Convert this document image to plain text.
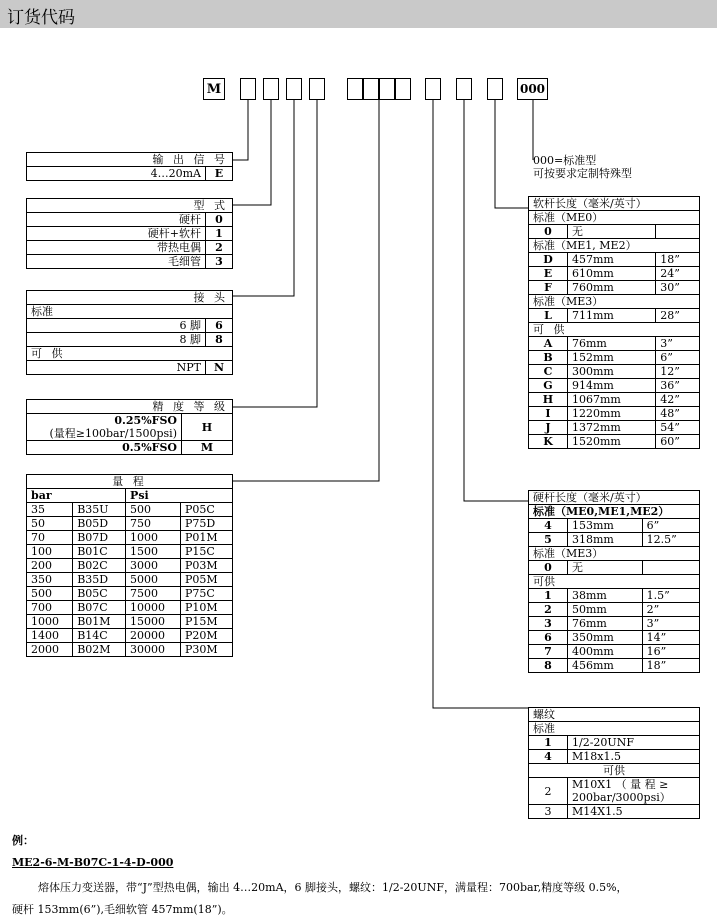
订货代码
M	000
000=标准型
可按要求定制特殊型
输 出 信 号
4…20mA	E
型 式	
硬杆	0
硬杆+软杆	1
带热电偶	2
毛细管	3
接 头	
标准	
6 脚	6
8 脚	8
可 供	
NPT	N
精 度 等 级	

0.25%FSO
(量程≥100bar/1500psi)	H
0.5%FSO	M
量 程			
bar		Psi	
35	B35U	500	P05C
50	B05D	750	P75D
70	B07D	1000	P01M
100	B01C	1500	P15C
200	B02C	3000	P03M
350	B35D	5000	P05M
500	B05C	7500	P75C
700	B07C	10000	P10M
1000	B01M	15000	P15M
1400	B14C	20000	P20M
2000	B02M	30000	P30M
软杆长度（毫米/英寸）		
标准（ME0）		
0	无	
标准（ME1, ME2）		
D	457mm	18”
E	610mm	24”
F	760mm	30”
标准（ME3）		
L	711mm	28”
可 供		
A	76mm	3”
B	152mm	6”
C	300mm	12”
G	914mm	36”
H	1067mm	42”
I	1220mm	48”
J	1372mm	54”
K	1520mm	60”
硬杆长度（毫米/英寸）		
标准（ME0,ME1,ME2）		
4	153mm	6”
5	318mm	12.5”
标准（ME3）		
0	无	
可供		
1	38mm	1.5”
2	50mm	2”
3	76mm	3”
6	350mm	14”
7	400mm	16”
8	456mm	18”
螺纹	
标准	
1	1/2-20UNF
4	M18x1.5
可供	
2	M10X1 （ 量 程 ≥
200bar/3000psi）

3	M14X1.5
例：
ME2-6-M-B07C-1-4-D-000
熔体压力变送器，带“J”型热电偶，输出 4…20mA，6 脚接头，螺纹：1/2-20UNF，满量程：700bar,精度等级 0.5%，
硬杆 153mm(6”),毛细软管 457mm(18”)。
